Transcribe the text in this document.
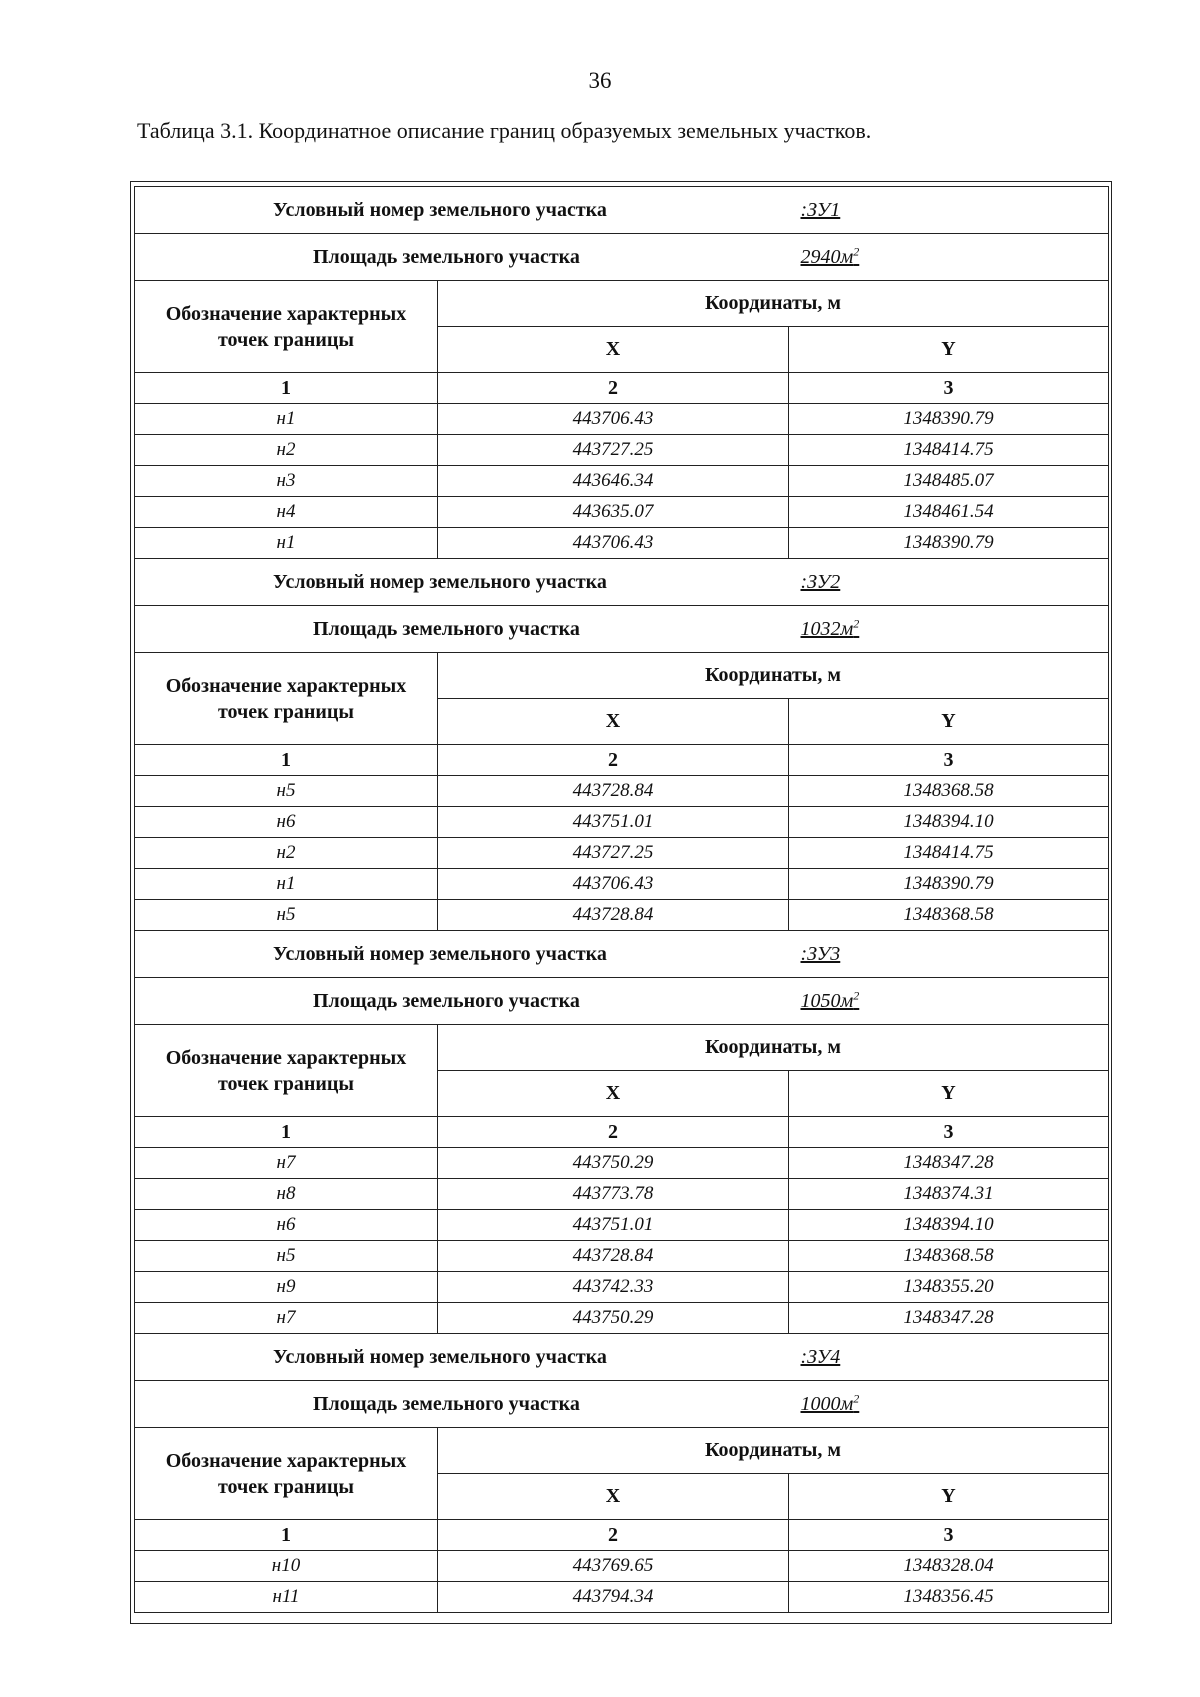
36
Таблица 3.1. Координатное описание границ образуемых земельных участков.
Условный номер земельного участка		:ЗУ1
Площадь земельного участка		$2940м^2$

Обозначение характерных
точек границы	Координаты, м	
	X	Y
1	2	3
н1	443706.43	1348390.79
н2	443727.25	1348414.75
н3	443646.34	1348485.07
н4	443635.07	1348461.54
н1	443706.43	1348390.79
Условный номер земельного участка		:ЗУ2
Площадь земельного участка		$1032м^2$

Обозначение характерных
точек границы	Координаты, м	
	X	Y
1	2	3
н5	443728.84	1348368.58
н6	443751.01	1348394.10
н2	443727.25	1348414.75
н1	443706.43	1348390.79
н5	443728.84	1348368.58
Условный номер земельного участка		:ЗУ3
Площадь земельного участка		$1050м^2$

Обозначение характерных
точек границы	Координаты, м	
	X	Y
1	2	3
н7	443750.29	1348347.28
н8	443773.78	1348374.31
н6	443751.01	1348394.10
н5	443728.84	1348368.58
н9	443742.33	1348355.20
н7	443750.29	1348347.28
Условный номер земельного участка		:ЗУ4
Площадь земельного участка		$1000м^2$

Обозначение характерных
точек границы	Координаты, м	
	X	Y
1	2	3
н10	443769.65	1348328.04
н11	443794.34	1348356.45
